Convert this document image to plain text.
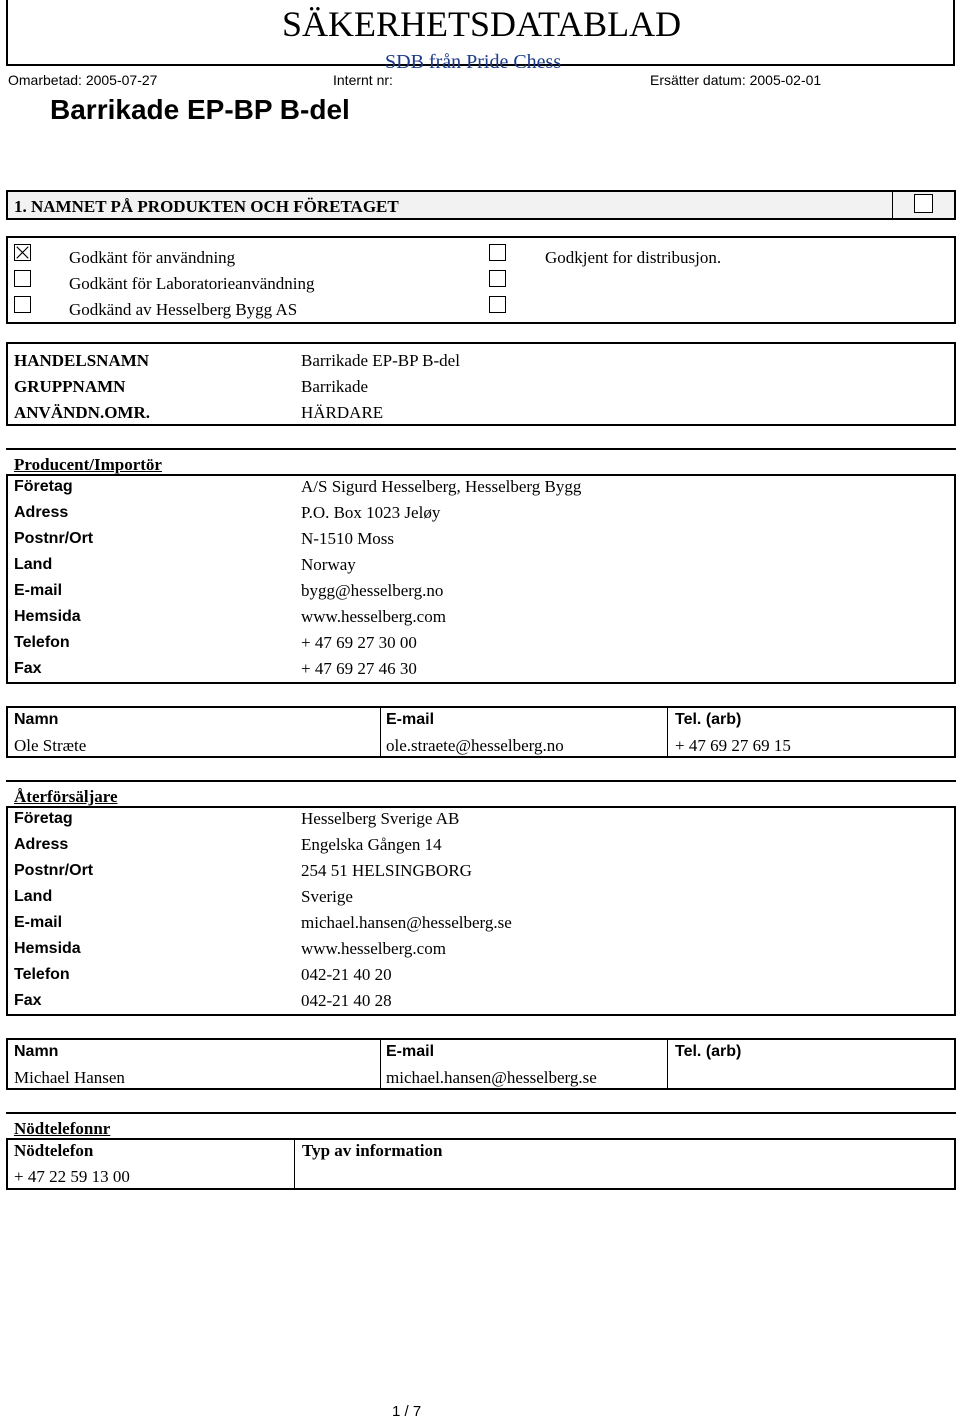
SÄKERHETSDATABLAD
SDB från Pride Chess
Omarbetad: 2005-07-27	Internt nr:	Ersätter datum: 2005-02-01
Barrikade EP-BP B-del
1. NAMNET PÅ PRODUKTEN OCH FÖRETAGET
Godkänt för användning
Godkänt för Laboratorieanvändning
Godkänd av Hesselberg Bygg AS
Godkjent for distribusjon.
HANDELSNAMN	Barrikade EP-BP B-del
GRUPPNAMN	Barrikade
ANVÄNDN.OMR.	HÄRDARE
Producent/Importör
Företag	A/S Sigurd Hesselberg, Hesselberg Bygg
Adress	P.O. Box 1023 Jeløy
Postnr/Ort	N-1510 Moss
Land	Norway
E-mail	bygg@hesselberg.no
Hemsida	www.hesselberg.com
Telefon	+ 47 69 27 30 00
Fax	+ 47 69 27 46 30
Namn	E-mail	Tel. (arb)
Ole Stræte	ole.straete@hesselberg.no	+ 47 69 27 69 15
Återförsäljare
Företag	Hesselberg Sverige AB
Adress	Engelska Gången 14
Postnr/Ort	254 51 HELSINGBORG
Land	Sverige
E-mail	michael.hansen@hesselberg.se
Hemsida	www.hesselberg.com
Telefon	042-21 40 20
Fax	042-21 40 28
Namn	E-mail	Tel. (arb)
Michael Hansen	michael.hansen@hesselberg.se
Nödtelefonnr
Nödtelefon	Typ av information
+ 47 22 59 13 00
1 / 7
